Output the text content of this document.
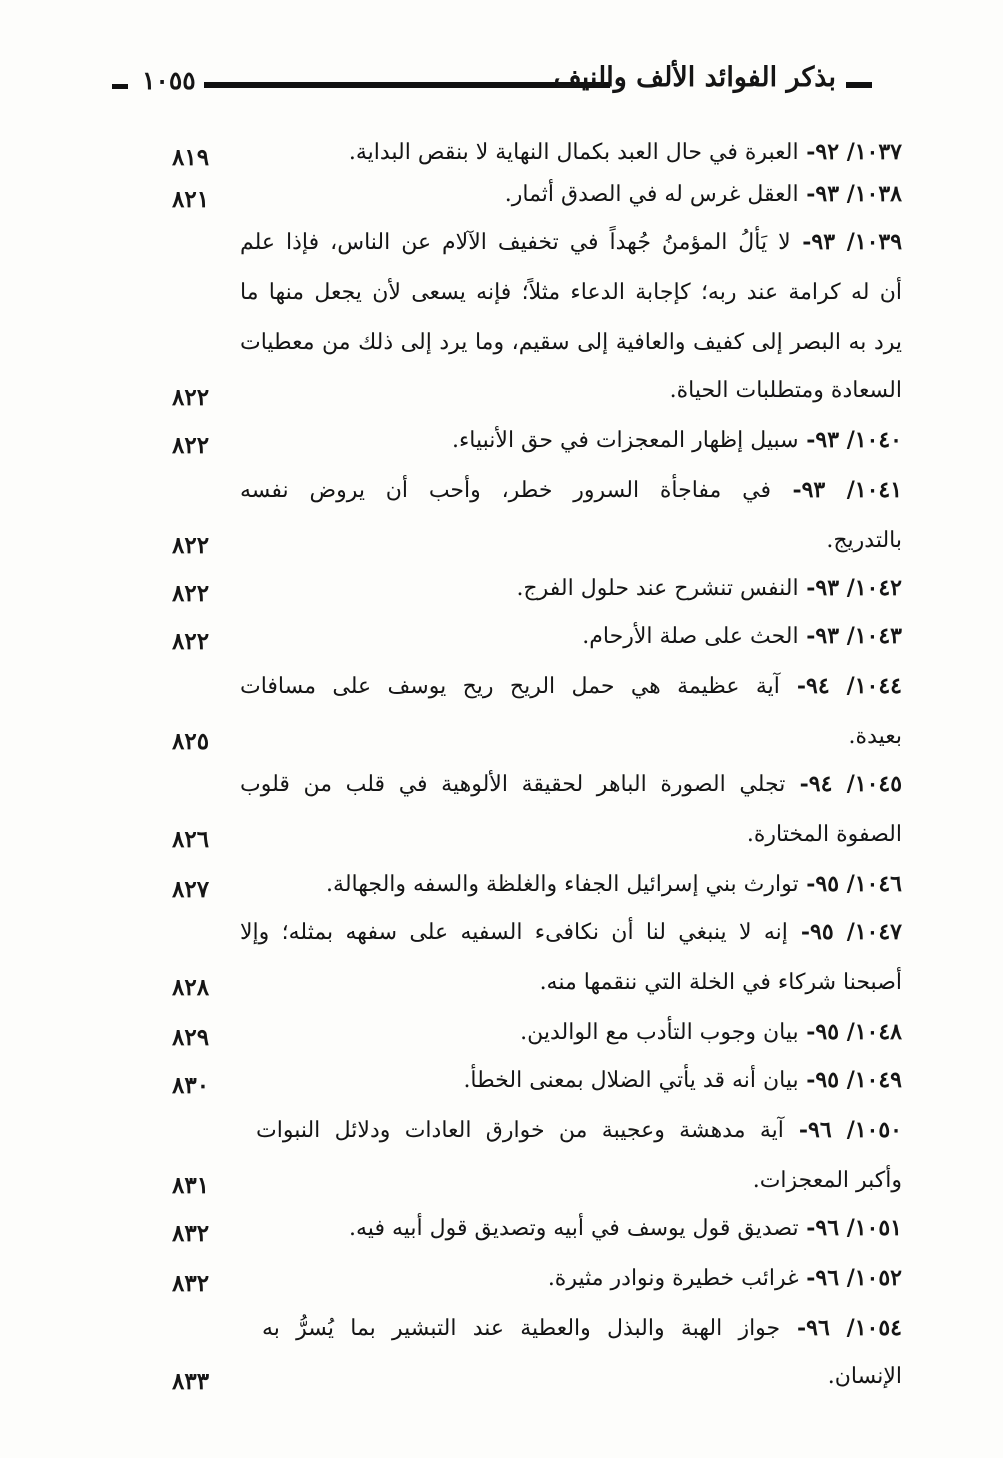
١٠٥٥	بذكر الفوائد الألف والنيف
١٠٣٧/ ٩٢- العبرة في حال العبد بكمال النهاية لا بنقص البداية.
١٠٣٨/ ٩٣- العقل غرس له في الصدق أثمار.
١٠٣٩/ ٩٣- لا يَألُ المؤمنُ جُهداً في تخفيف الآلام عن الناس، فإذا علم
أن له كرامة عند ربه؛ كإجابة الدعاء مثلاً؛ فإنه يسعى لأن يجعل منها ما
يرد به البصر إلى كفيف والعافية إلى سقيم، وما يرد إلى ذلك من معطيات
السعادة ومتطلبات الحياة.
١٠٤٠/ ٩٣- سبيل إظهار المعجزات في حق الأنبياء.
١٠٤١/ ٩٣- في مفاجأة السرور خطر، وأحب أن يروض نفسه
بالتدريج.
١٠٤٢/ ٩٣- النفس تنشرح عند حلول الفرج.
١٠٤٣/ ٩٣- الحث على صلة الأرحام.
١٠٤٤/ ٩٤- آية عظيمة هي حمل الريح ريح يوسف على مسافات
بعيدة.
١٠٤٥/ ٩٤- تجلي الصورة الباهر لحقيقة الألوهية في قلب من قلوب
الصفوة المختارة.
١٠٤٦/ ٩٥- توارث بني إسرائيل الجفاء والغلظة والسفه والجهالة.
١٠٤٧/ ٩٥- إنه لا ينبغي لنا أن نكافىء السفيه على سفهه بمثله؛ وإلا
أصبحنا شركاء في الخلة التي ننقمها منه.
١٠٤٨/ ٩٥- بيان وجوب التأدب مع الوالدين.
١٠٤٩/ ٩٥- بيان أنه قد يأتي الضلال بمعنى الخطأ.
١٠٥٠/ ٩٦- آية مدهشة وعجيبة من خوارق العادات ودلائل النبوات
وأكبر المعجزات.
١٠٥١/ ٩٦- تصديق قول يوسف في أبيه وتصديق قول أبيه فيه.
١٠٥٢/ ٩٦- غرائب خطيرة ونوادر مثيرة.
١٠٥٤/ ٩٦- جواز الهبة والبذل والعطية عند التبشير بما يُسرُّ به
الإنسان.
٨١٩
٨٢١
٨٢٢
٨٢٢
٨٢٢
٨٢٢
٨٢٢
٨٢٥
٨٢٦
٨٢٧
٨٢٨
٨٢٩
٨٣٠
٨٣١
٨٣٢
٨٣٢
٨٣٣
